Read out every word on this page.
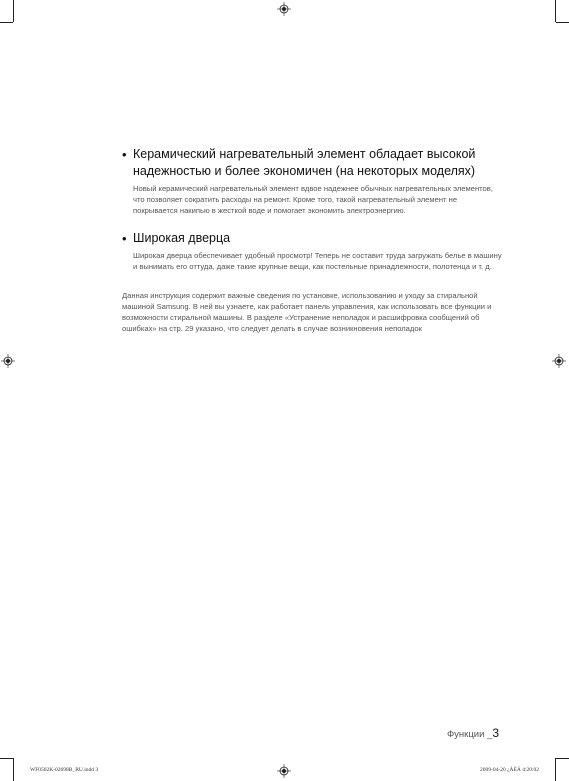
• Керамический нагревательный элемент обладает высокой надежностью и более экономичен (на некоторых моделях)

Новый керамический нагревательный элемент вдвое надежнее обычных нагревательных элементов, что позволяет сократить расходы на ремонт. Кроме того, такой нагревательный элемент не покрывается накипью в жесткой воде и помогает экономить электроэнергию.

• Широкая дверца

Широкая дверца обеспечивает удобный просмотр! Теперь не составит труда загружать белье в машину и вынимать его оттуда, даже такие крупные вещи, как постельные принадлежности, полотенца и т. д.

Данная инструкция содержит важные сведения по установке, использованию и уходу за стиральной машиной Samsung. В ней вы узнаете, как работает панель управления, как использовать все функции и возможности стиральной машины. В разделе «Устранение неполадок и расшифровка сообщений об ошибках» на стр. 29 указано, что следует делать в случае возникновения неполадок

Функции _3
WF0502K-02698B_RU.indd 3	2009-04-20 ¿ÀÈÄ 4:20:02
